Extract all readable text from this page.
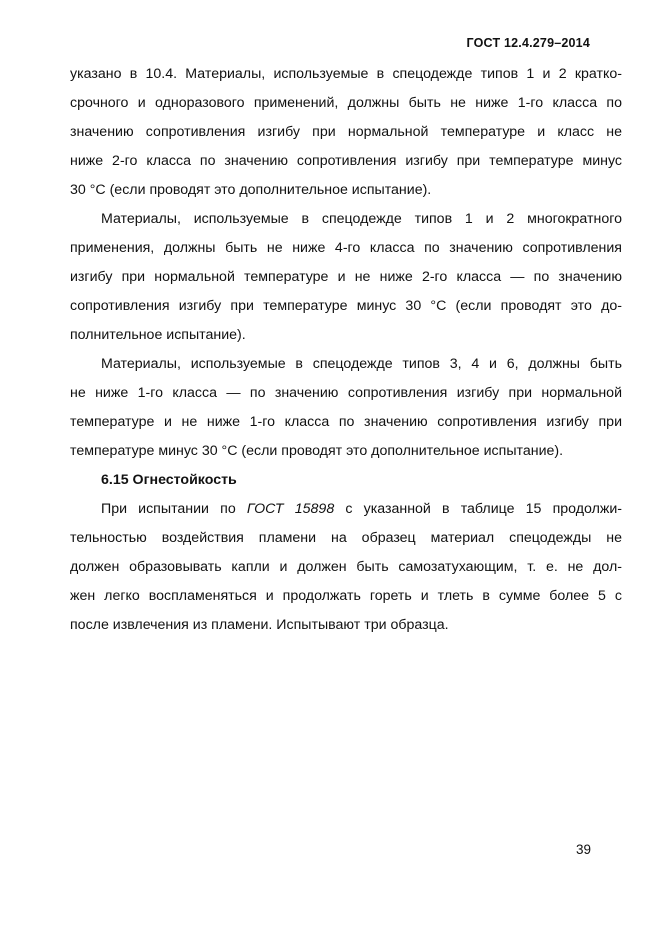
ГОСТ 12.4.279–2014
указано в 10.4. Материалы, используемые в спецодежде типов 1 и 2 кратко-
срочного и одноразового применений, должны быть не ниже 1-го класса по
значению сопротивления изгибу при нормальной температуре и класс не
ниже 2-го класса по значению сопротивления изгибу при температуре минус
30 °С (если проводят это дополнительное испытание).
Материалы, используемые в спецодежде типов 1 и 2 многократного
применения, должны быть не ниже 4-го класса по значению сопротивления
изгибу при нормальной температуре и не ниже 2-го класса — по значению
сопротивления изгибу при температуре минус 30 °С (если проводят это до-
полнительное испытание).
Материалы, используемые в спецодежде типов 3, 4 и 6, должны быть
не ниже 1-го класса — по значению сопротивления изгибу при нормальной
температуре и не ниже 1-го класса по значению сопротивления изгибу при
температуре минус 30 °С (если проводят это дополнительное испытание).
6.15 Огнестойкость
При испытании по ГОСТ 15898 с указанной в таблице 15 продолжи-
тельностью воздействия пламени на образец материал спецодежды не
должен образовывать капли и должен быть самозатухающим, т. е. не дол-
жен легко воспламеняться и продолжать гореть и тлеть в сумме более 5 с
после извлечения из пламени. Испытывают три образца.
39
